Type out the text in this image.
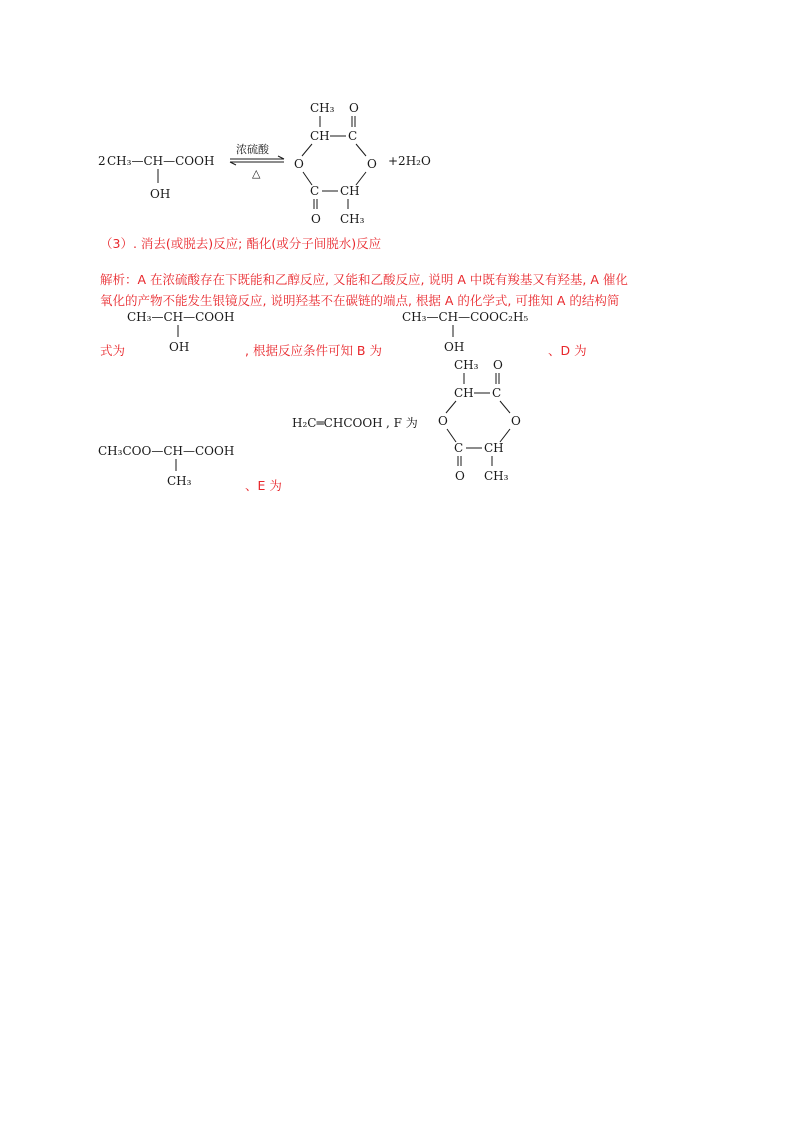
2 CH₃—CH—COOH
OH
浓硫酸
△
CH₃ O
CH C
O	O
C CH
O CH₃
+2H₂O
（3）. 消去(或脱去)反应; 酯化(或分子间脱水)反应
解析：A 在浓硫酸存在下既能和乙醇反应, 又能和乙酸反应, 说明 A 中既有羧基又有羟基, A 催化
氧化的产物不能发生银镜反应, 说明羟基不在碳链的端点, 根据 A 的化学式, 可推知 A 的结构简
CH₃—CH—COOH
OH
式为	, 根据反应条件可知 B 为
CH₃—CH—COOC₂H₅
OH	、D 为
H₂C═CHCOOH , F 为
CH₃ O
CH C
O	O
C CH
O CH₃
CH₃COO—CH—COOH
CH₃	、E 为
